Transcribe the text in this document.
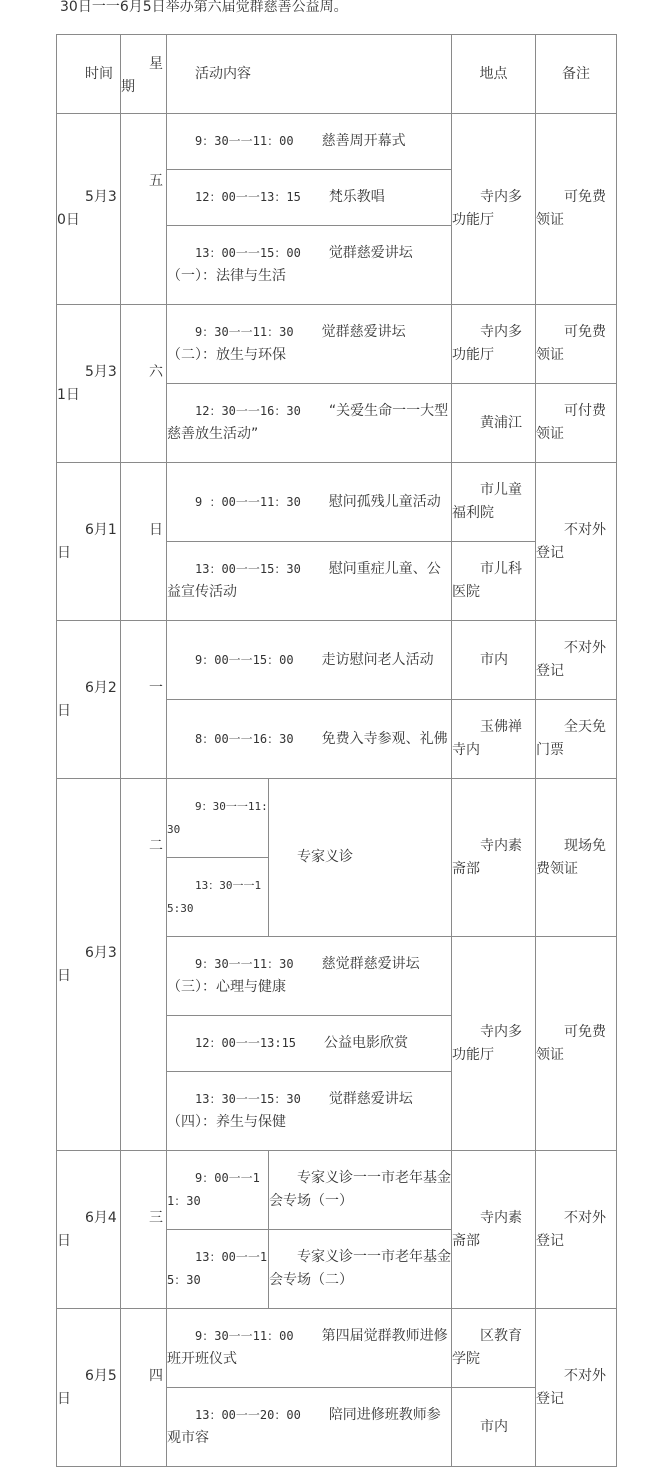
30日一一6月5日举办第六届觉群慈善公益周。
时间	星期	活动内容		地点	备注
5月30日	五	9：30一一11：00　　 慈善周开幕式		寺内多功能厅	可免费领证
		12：00一一13：15　　 梵乐教唱			
		13：00一一15：00　　 觉群慈爱讲坛（一）：法律与生活			
5月31日	六	9：30一一11：30　　 觉群慈爱讲坛（二）：放生与环保		寺内多功能厅	可免费领证
		12：30一一16：30　　 “关爱生命一一大型慈善放生活动”		黄浦江	可付费领证
6月1日	日	9 ：00一一11：30　　 慰问孤残儿童活动		市儿童福利院	不对外登记
		13：00一一15：30　　 慰问重症儿童、公益宣传活动		市儿科医院	
6月2日	一	9：00一一15：00　　 走访慰问老人活动		市内	不对外登记
		8：00一一16：30　　 免费入寺参观、礼佛		玉佛禅寺内	全天免门票
6月3日	二	9：30一一11:30	专家义诊	寺内素斋部	现场免费领证
		13：30一一15:30			
		9：30一一11：30　　 慈觉群慈爱讲坛（三）：心理与健康		寺内多功能厅	可免费领证
		12：00一一13:15　　 公益电影欣赏			
		13：30一一15：30　　 觉群慈爱讲坛（四）：养生与保健			
6月4日	三	9：00一一11：30	专家义诊一一市老年基金会专场（一）	寺内素斋部	不对外登记
		13：00一一15：30	专家义诊一一市老年基金会专场（二）		
6月5日	四	9：30一一11：00　　 第四届觉群教师进修班开班仪式		区教育学院	不对外登记
		13：00一一20：00　　 陪同进修班教师参观市容		市内	
